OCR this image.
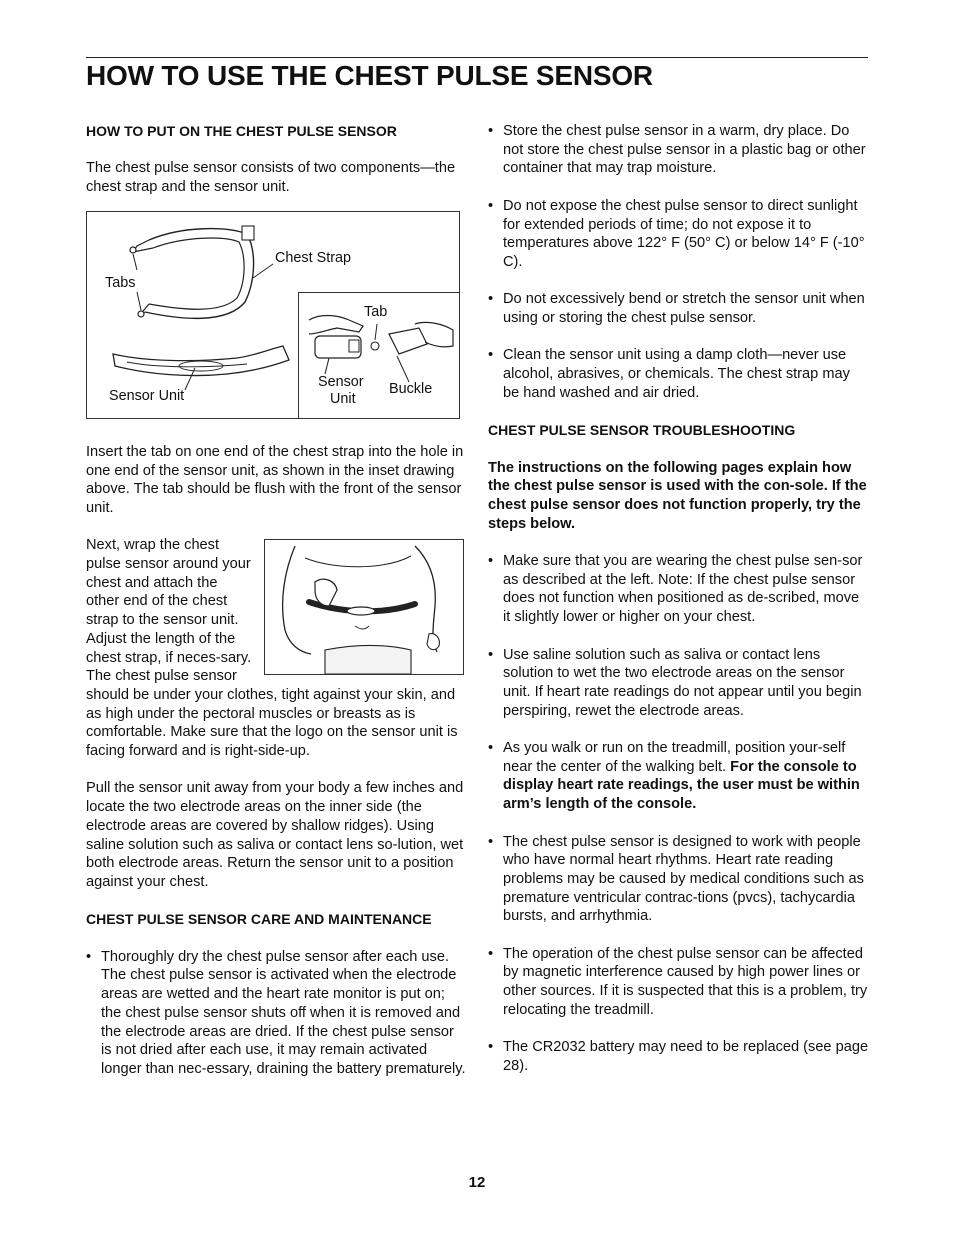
HOW TO USE THE CHEST PULSE SENSOR

HOW TO PUT ON THE CHEST PULSE SENSOR

The chest pulse sensor consists of two components—the chest strap and the sensor unit.

Chest Strap
Tabs
Sensor Unit
Tab
Sensor
Unit
Buckle

Insert the tab on one end of the chest strap into the hole in one end of the sensor unit, as shown in the inset drawing above. The tab should be flush with the front of the sensor unit.

Next, wrap the chest pulse sensor around your chest and attach the other end of the chest strap to the sensor unit. Adjust the length of the chest strap, if neces-sary. The chest pulse sensor should be under your clothes, tight against your skin, and as high under the pectoral muscles or breasts as is comfortable. Make sure that the logo on the sensor unit is facing forward and is right-side-up.

Pull the sensor unit away from your body a few inches and locate the two electrode areas on the inner side (the electrode areas are covered by shallow ridges). Using saline solution such as saliva or contact lens so-lution, wet both electrode areas. Return the sensor unit to a position against your chest.

CHEST PULSE SENSOR CARE AND MAINTENANCE

• Thoroughly dry the chest pulse sensor after each use. The chest pulse sensor is activated when the electrode areas are wetted and the heart rate monitor is put on; the chest pulse sensor shuts off when it is removed and the electrode areas are dried. If the chest pulse sensor is not dried after each use, it may remain activated longer than nec-essary, draining the battery prematurely.

• Store the chest pulse sensor in a warm, dry place. Do not store the chest pulse sensor in a plastic bag or other container that may trap moisture.

• Do not expose the chest pulse sensor to direct sunlight for extended periods of time; do not expose it to temperatures above 122° F (50° C) or below 14° F (-10° C).

• Do not excessively bend or stretch the sensor unit when using or storing the chest pulse sensor.

• Clean the sensor unit using a damp cloth—never use alcohol, abrasives, or chemicals. The chest strap may be hand washed and air dried.

CHEST PULSE SENSOR TROUBLESHOOTING

The instructions on the following pages explain how the chest pulse sensor is used with the con-sole. If the chest pulse sensor does not function properly, try the steps below.

• Make sure that you are wearing the chest pulse sen-sor as described at the left. Note: If the chest pulse sensor does not function when positioned as de-scribed, move it slightly lower or higher on your chest.

• Use saline solution such as saliva or contact lens solution to wet the two electrode areas on the sensor unit. If heart rate readings do not appear until you begin perspiring, rewet the electrode areas.

• As you walk or run on the treadmill, position your-self near the center of the walking belt. For the console to display heart rate readings, the user must be within arm’s length of the console.

• The chest pulse sensor is designed to work with people who have normal heart rhythms. Heart rate reading problems may be caused by medical conditions such as premature ventricular contrac-tions (pvcs), tachycardia bursts, and arrhythmia.

• The operation of the chest pulse sensor can be affected by magnetic interference caused by high power lines or other sources. If it is suspected that this is a problem, try relocating the treadmill.

• The CR2032 battery may need to be replaced (see page 28).

12
